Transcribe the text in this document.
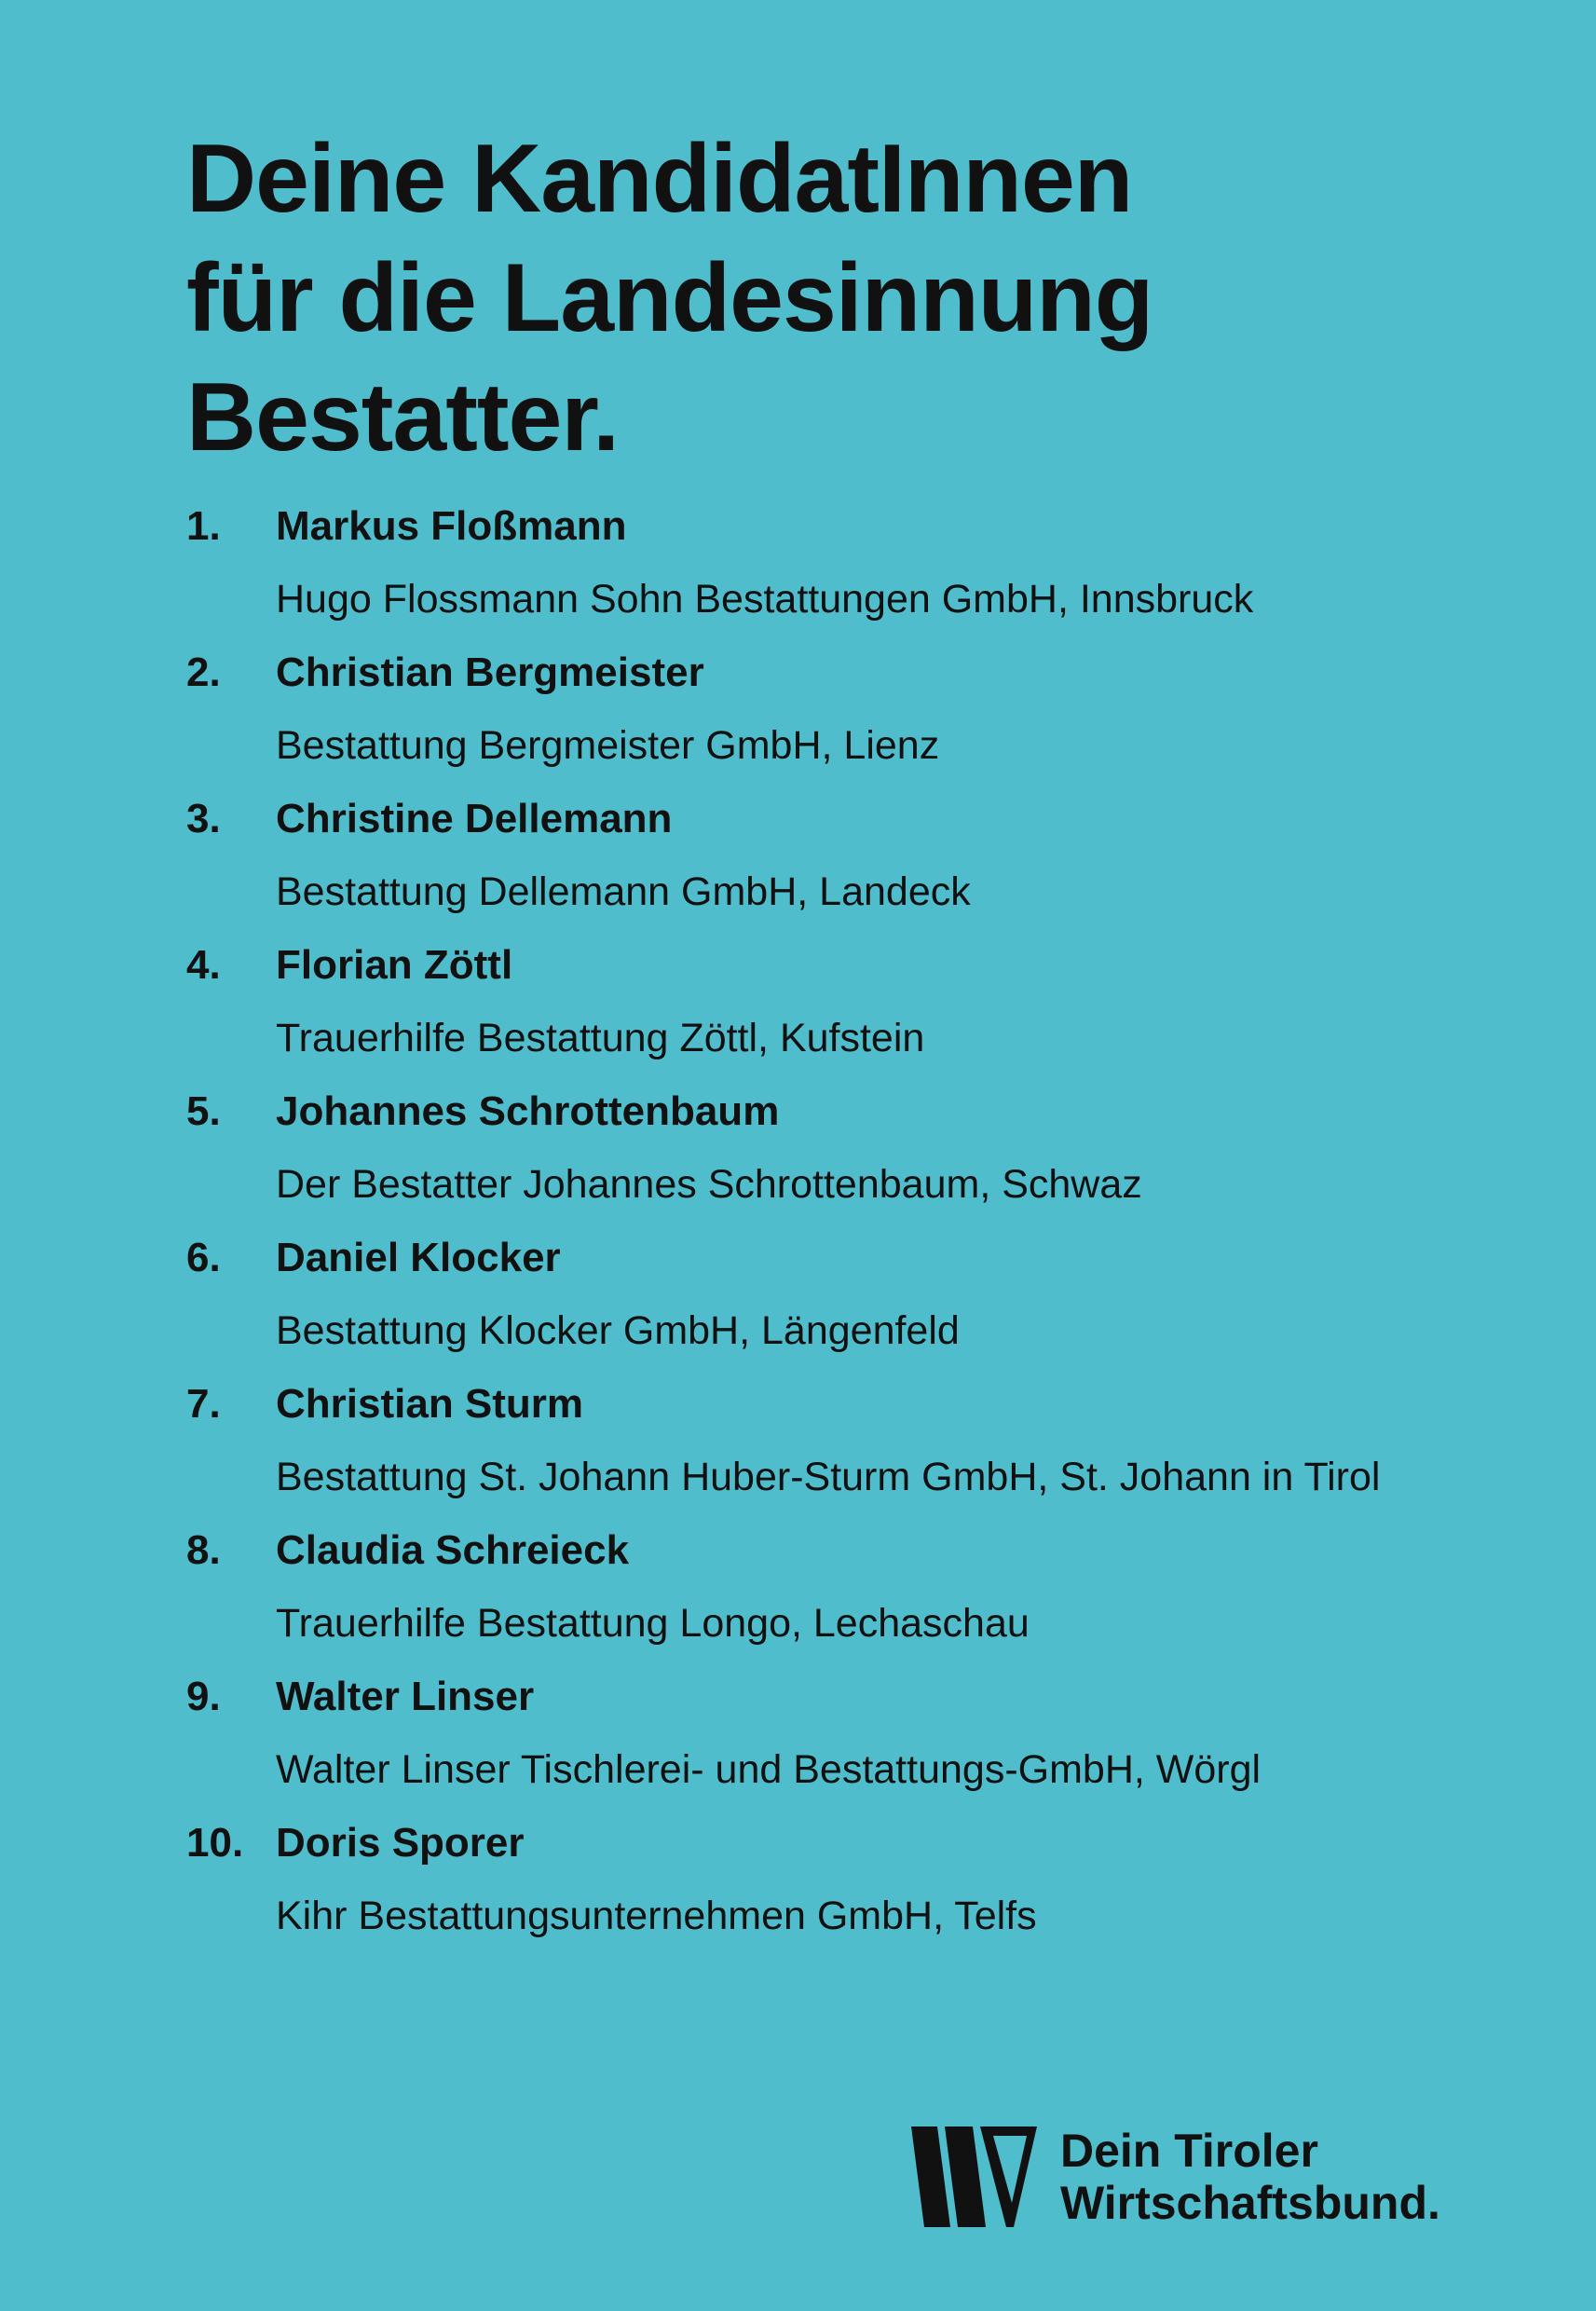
Deine KandidatInnen
für die Landesinnung
Bestatter.
1. Markus Floßmann
Hugo Flossmann Sohn Bestattungen GmbH, Innsbruck
2. Christian Bergmeister
Bestattung Bergmeister GmbH, Lienz
3. Christine Dellemann
Bestattung Dellemann GmbH, Landeck
4. Florian Zöttl
Trauerhilfe Bestattung Zöttl, Kufstein
5. Johannes Schrottenbaum
Der Bestatter Johannes Schrottenbaum, Schwaz
6. Daniel Klocker
Bestattung Klocker GmbH, Längenfeld
7. Christian Sturm
Bestattung St. Johann Huber-Sturm GmbH, St. Johann in Tirol
8. Claudia Schreieck
Trauerhilfe Bestattung Longo, Lechaschau
9. Walter Linser
Walter Linser Tischlerei- und Bestattungs-GmbH, Wörgl
10. Doris Sporer
Kihr Bestattungsunternehmen GmbH, Telfs
Dein Tiroler
Wirtschaftsbund.
